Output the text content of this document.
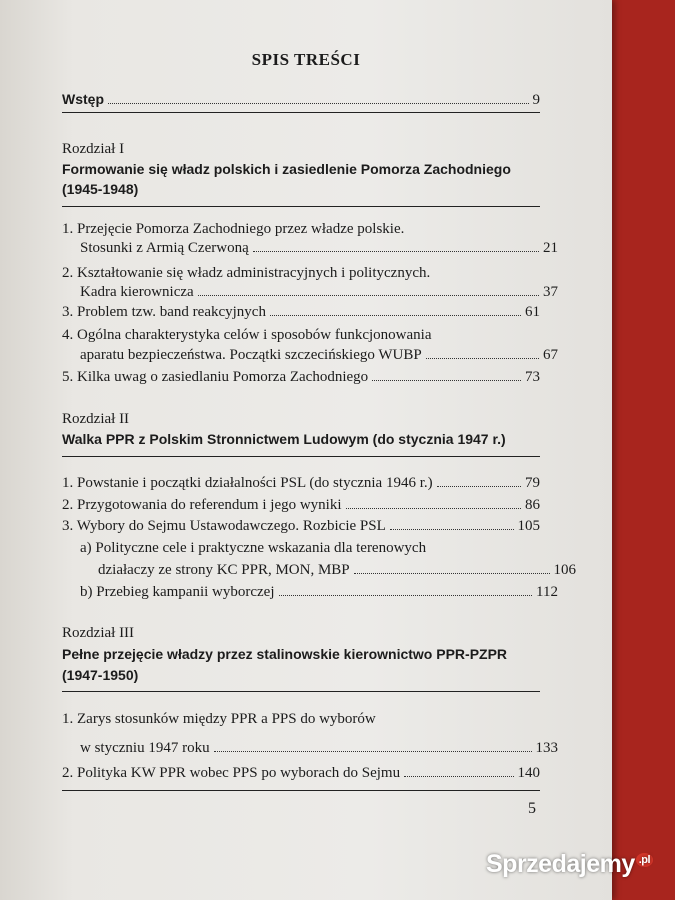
SPIS TREŚCI
Wstęp	9
Rozdział I
Formowanie się władz polskich i zasiedlenie Pomorza Zachodniego
(1945-1948)
1. Przejęcie Pomorza Zachodniego przez władze polskie.
Stosunki z Armią Czerwoną	21
2. Kształtowanie się władz administracyjnych i politycznych.
Kadra kierownicza	37
3. Problem tzw. band reakcyjnych	61
4. Ogólna charakterystyka celów i sposobów funkcjonowania
aparatu bezpieczeństwa. Początki szczecińskiego WUBP	67
5. Kilka uwag o zasiedlaniu Pomorza Zachodniego	73
Rozdział II
Walka PPR z Polskim Stronnictwem Ludowym (do stycznia 1947 r.)
1. Powstanie i początki działalności PSL (do stycznia 1946 r.)	79
2. Przygotowania do referendum i jego wyniki	86
3. Wybory do Sejmu Ustawodawczego. Rozbicie PSL	105
a) Polityczne cele i praktyczne wskazania dla terenowych
działaczy ze strony KC PPR, MON, MBP	106
b) Przebieg kampanii wyborczej	112
Rozdział III
Pełne przejęcie władzy przez stalinowskie kierownictwo PPR-PZPR
(1947-1950)
1. Zarys stosunków między PPR a PPS do wyborów
w styczniu 1947 roku	133
2. Polityka KW PPR wobec PPS po wyborach do Sejmu	140
5
Sprzedajemy $^{.pl}$
